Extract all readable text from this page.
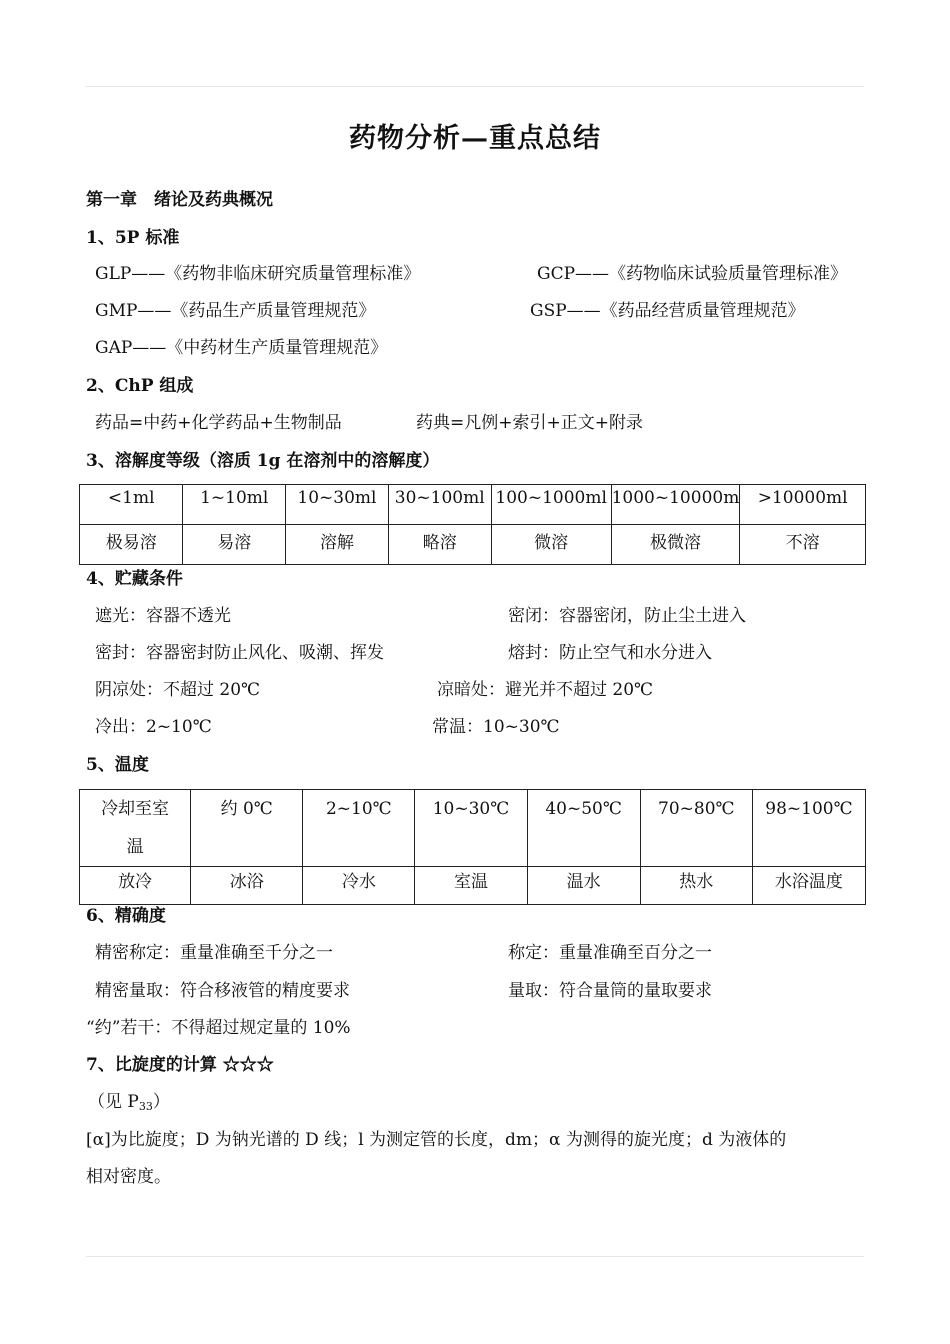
药物分析—重点总结
第一章　绪论及药典概况
1、5P 标准
GLP——《药物非临床研究质量管理标准》	GCP——《药物临床试验质量管理标准》
GMP——《药品生产质量管理规范》	GSP——《药品经营质量管理规范》
GAP——《中药材生产质量管理规范》
2、ChP 组成
药品=中药+化学药品+生物制品	药典=凡例+索引+正文+附录
3、溶解度等级（溶质 1g 在溶剂中的溶解度）
<1ml	1~10ml	10~30ml	30~100ml	100~1000ml	1000~10000m	>10000ml
极易溶	易溶	溶解	略溶	微溶	极微溶	不溶
4、贮藏条件
遮光：容器不透光	密闭：容器密闭，防止尘土进入
密封：容器密封防止风化、吸潮、挥发	熔封：防止空气和水分进入
阴凉处：不超过 20℃	凉暗处：避光并不超过 20℃
冷出：2~10℃	常温：10~30℃
5、温度
冷却至室温	约 0℃	2~10℃	10~30℃	40~50℃	70~80℃	98~100℃
放冷	冰浴	冷水	室温	温水	热水	水浴温度
6、精确度
精密称定：重量准确至千分之一	称定：重量准确至百分之一
精密量取：符合移液管的精度要求	量取：符合量筒的量取要求
“约”若干：不得超过规定量的 10%
7、比旋度的计算 ☆☆☆
（见 $P_{33}$）
[α]为比旋度；D 为钠光谱的 D 线；l 为测定管的长度，dm；α 为测得的旋光度；d 为液体的
相对密度。
